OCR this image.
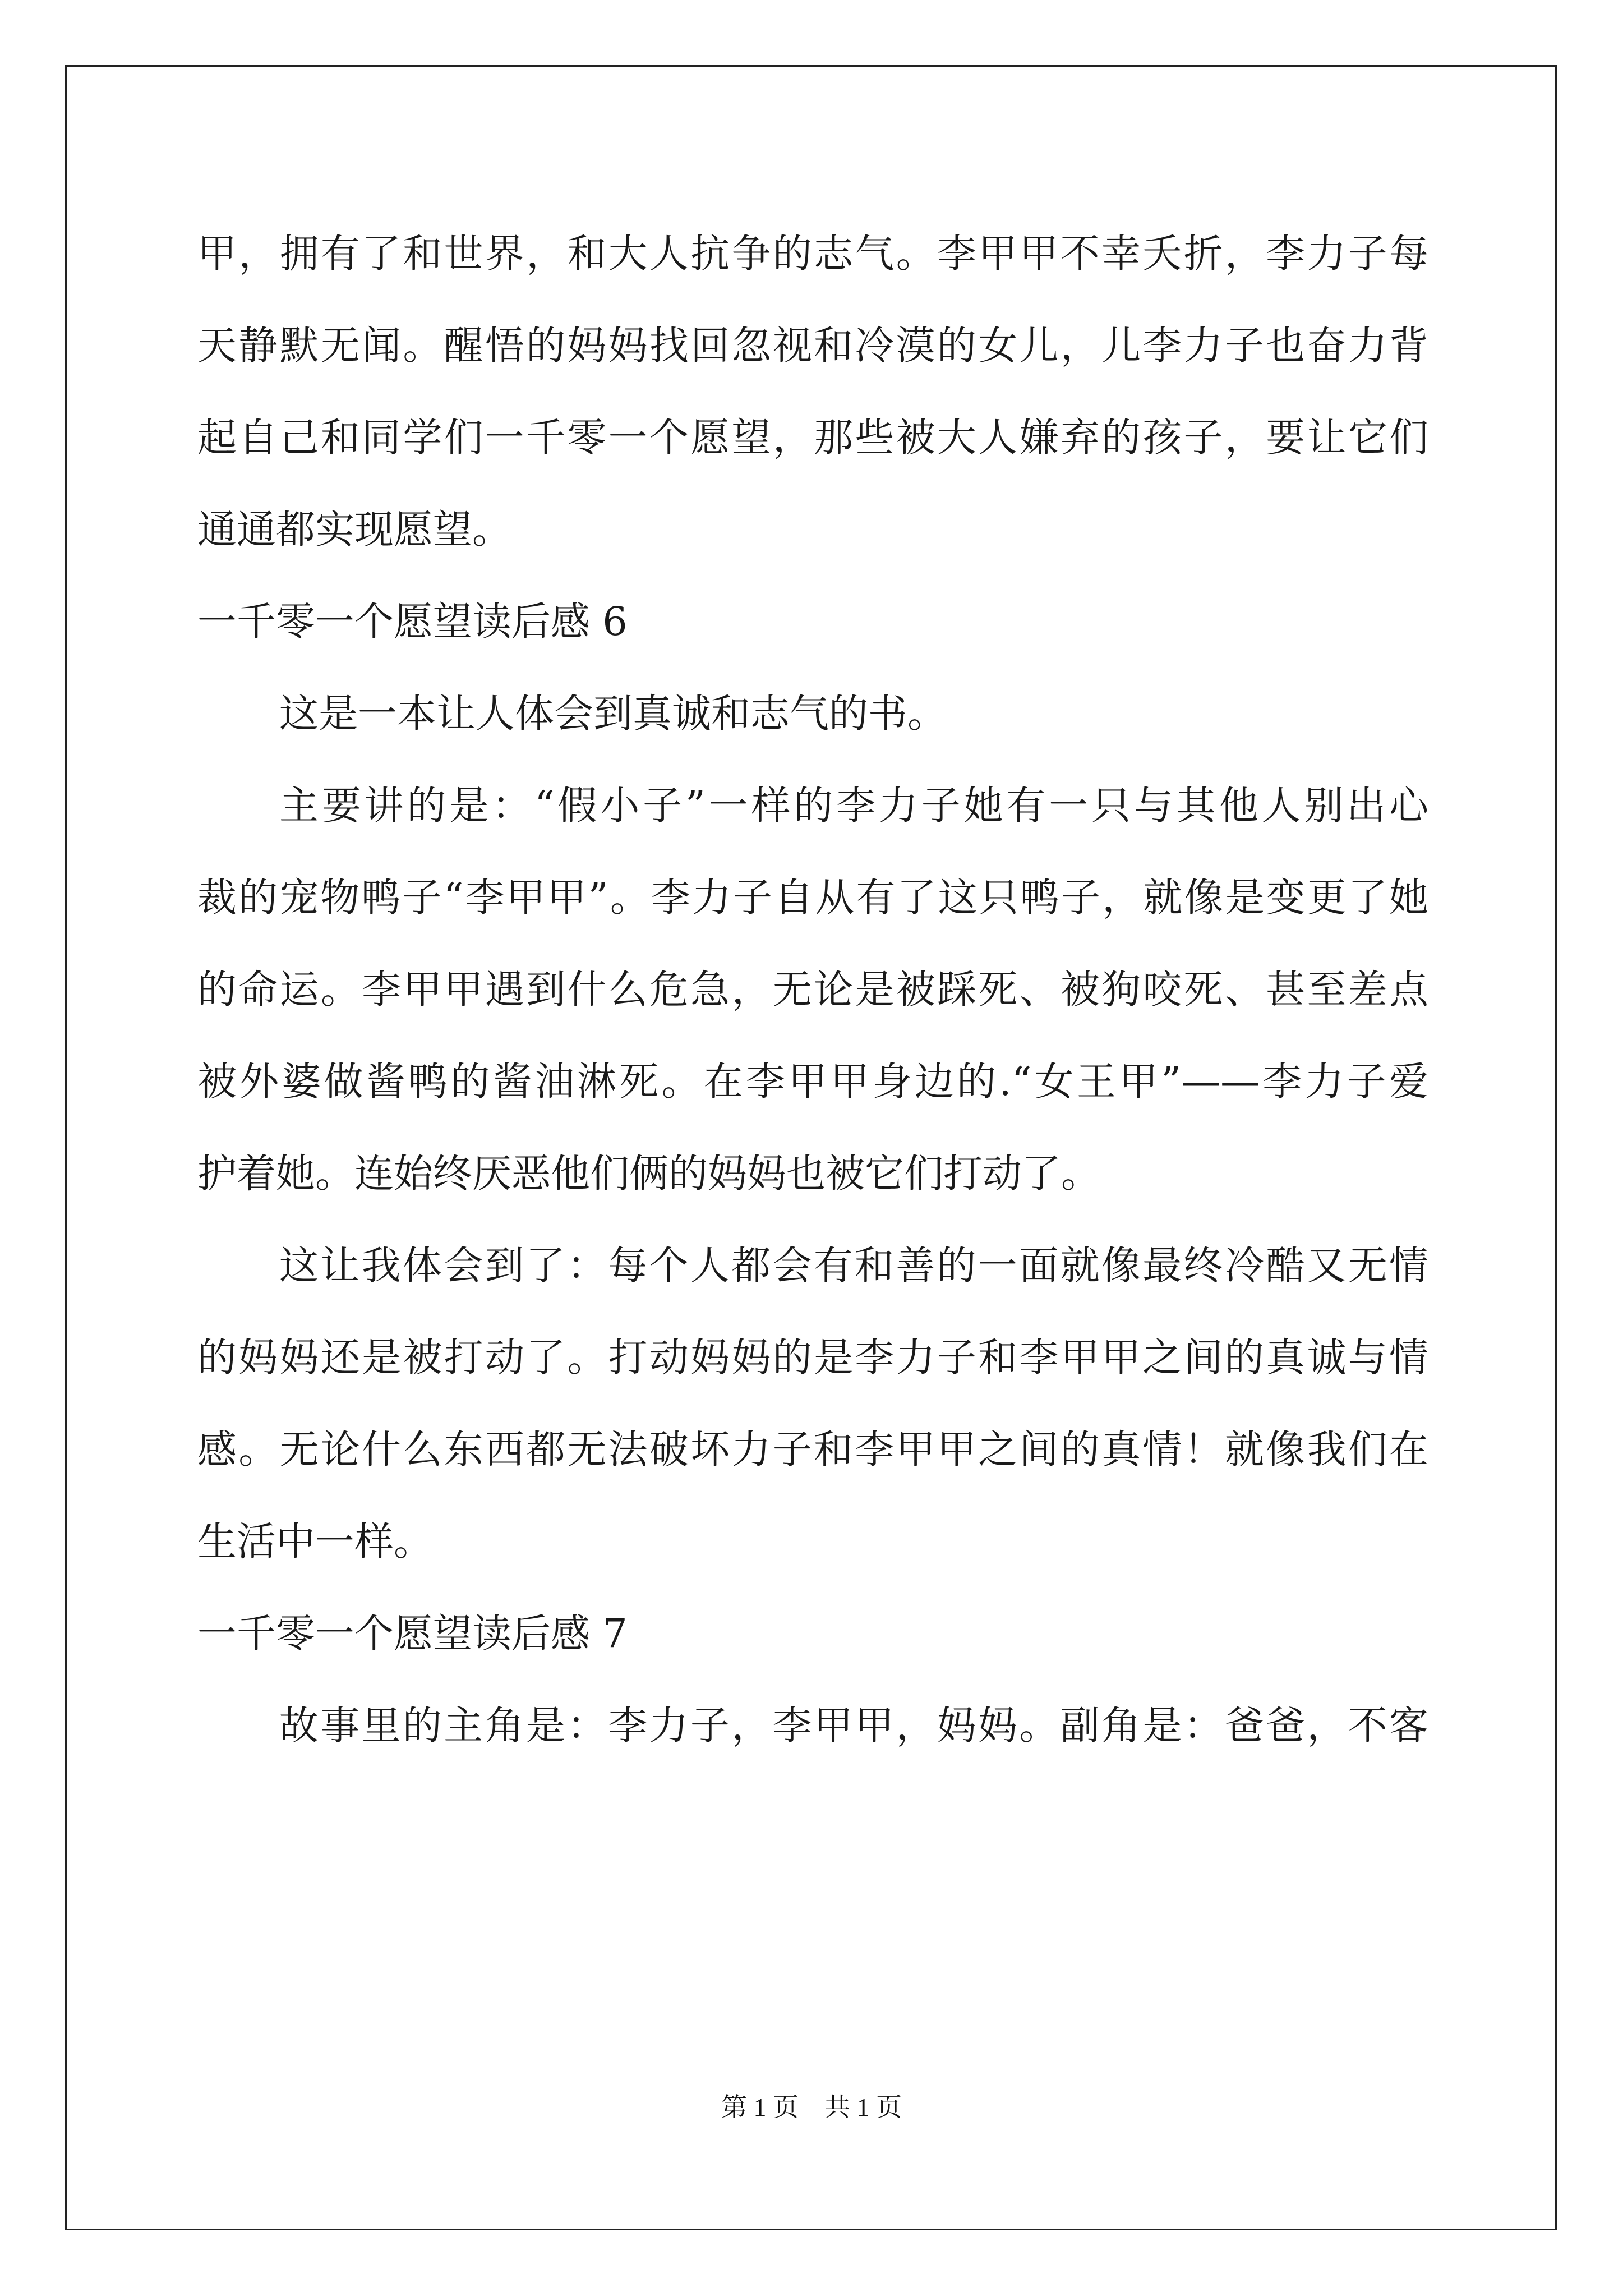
甲，拥有了和世界，和大人抗争的志气。李甲甲不幸夭折，李力子每
天静默无闻。醒悟的妈妈找回忽视和冷漠的女儿，儿李力子也奋力背
起自己和同学们一千零一个愿望，那些被大人嫌弃的孩子，要让它们
通通都实现愿望。
一千零一个愿望读后感 6
这是一本让人体会到真诚和志气的书。
主要讲的是：“假小子”一样的李力子她有一只与其他人别出心
裁的宠物鸭子“李甲甲”。李力子自从有了这只鸭子，就像是变更了她
的命运。李甲甲遇到什么危急，无论是被踩死、被狗咬死、甚至差点
被外婆做酱鸭的酱油淋死。在李甲甲身边的.“女王甲”——李力子爱
护着她。连始终厌恶他们俩的妈妈也被它们打动了。
这让我体会到了：每个人都会有和善的一面就像最终冷酷又无情
的妈妈还是被打动了。打动妈妈的是李力子和李甲甲之间的真诚与情
感。无论什么东西都无法破坏力子和李甲甲之间的真情！就像我们在
生活中一样。
一千零一个愿望读后感 7
故事里的主角是：李力子，李甲甲，妈妈。副角是：爸爸，不客
第 1 页　共 1 页
